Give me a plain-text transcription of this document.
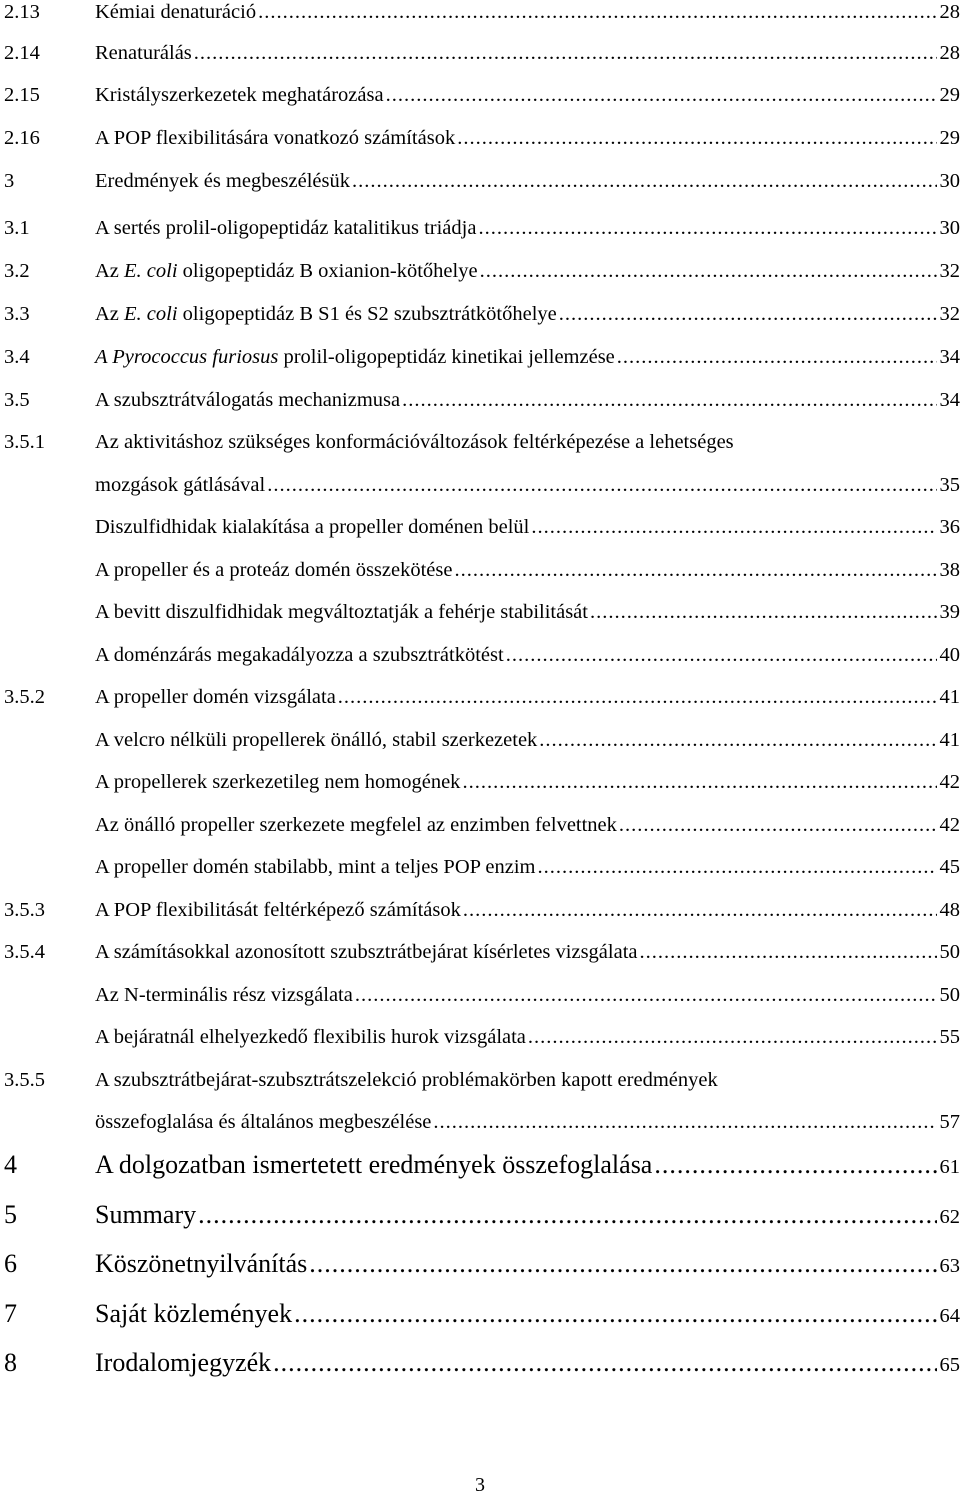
2.13	Kémiai denaturáció .....	28
2.14	Renaturálás .....	28
2.15	Kristályszerkezetek meghatározása .....	29
2.16	A POP flexibilitására vonatkozó számítások .....	29
3	Eredmények és megbeszélésük .....	30
3.1	A sertés prolil-oligopeptidáz katalitikus triádja .....	30
3.2	Az E. coli oligopeptidáz B oxianion-kötőhelye .....	32
3.3	Az E. coli oligopeptidáz B S1 és S2 szubsztrátkötőhelye .....	32
3.4	A Pyrococcus furiosus prolil-oligopeptidáz kinetikai jellemzése .....	34
3.5	A szubsztrátválogatás mechanizmusa .....	34
3.5.1 Az aktivitáshoz szükséges konformációváltozások feltérképezése a lehetséges
mozgások gátlásával .....	35
Diszulfidhidak kialakítása a propeller doménen belül .....	36
A propeller és a proteáz domén összekötése .....	38
A bevitt diszulfidhidak megváltoztatják a fehérje stabilitását .....	39
A doménzárás megakadályozza a szubsztrátkötést .....	40
3.5.2 A propeller domén vizsgálata .....	41
A velcro nélküli propellerek önálló, stabil szerkezetek .....	41
A propellerek szerkezetileg nem homogének .....	42
Az önálló propeller szerkezete megfelel az enzimben felvettnek .....	42
A propeller domén stabilabb, mint a teljes POP enzim .....	45
3.5.3 A POP flexibilitását feltérképező számítások .....	48
3.5.4 A számításokkal azonosított szubsztrátbejárat kísérletes vizsgálata .....	50
Az N-terminális rész vizsgálata .....	50
A bejáratnál elhelyezkedő flexibilis hurok vizsgálata .....	55
3.5.5 A szubsztrátbejárat-szubsztrátszelekció problémakörben kapott eredmények
összefoglalása és általános megbeszélése .....	57
4	A dolgozatban ismertetett eredmények összefoglalása .....	61
5	Summary .....	62
6	Köszönetnyilvánítás .....	63
7	Saját közlemények .....	64
8	Irodalomjegyzék .....	65
3
